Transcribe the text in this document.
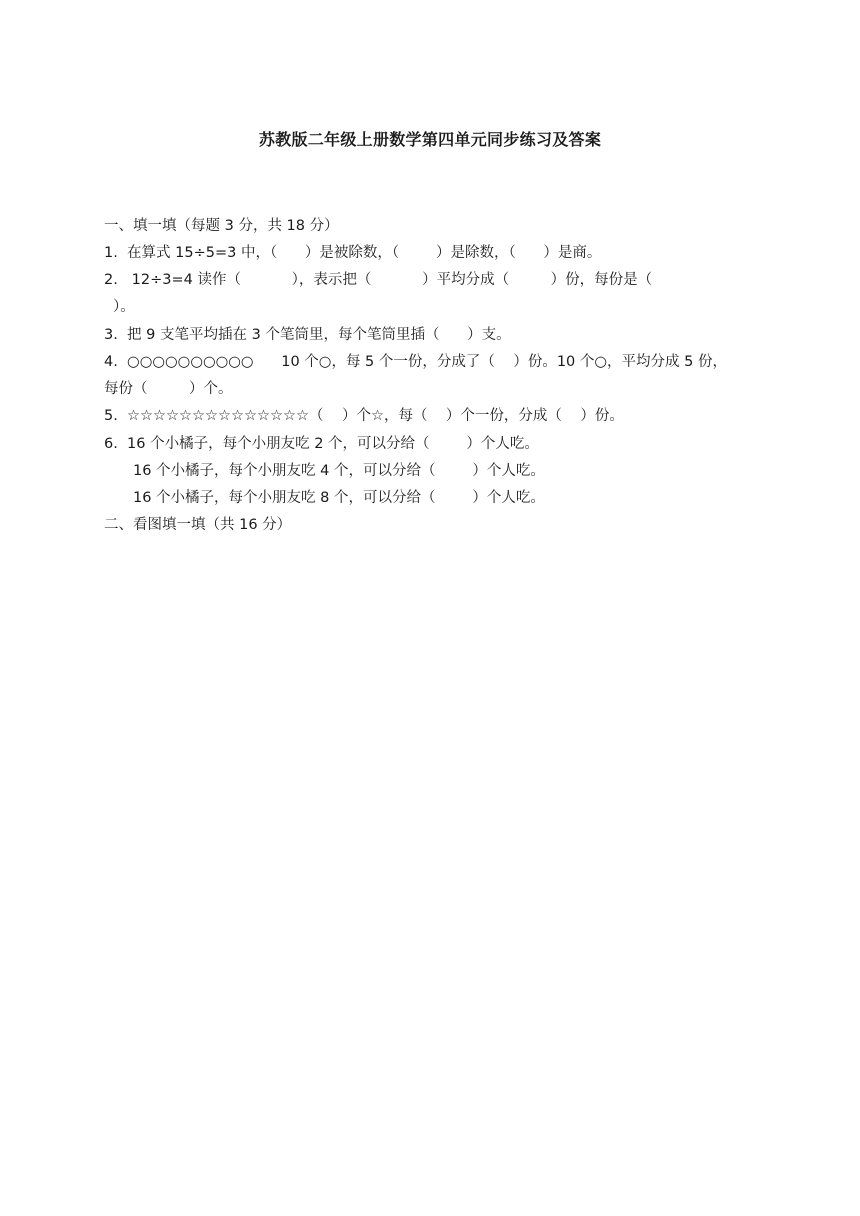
苏教版二年级上册数学第四单元同步练习及答案
一、填一填（每题 3 分，共 18 分）
1.  在算式 15÷5=3 中，（      ）是被除数，（        ）是除数，（      ）是商。
2.   12÷3=4 读作（           ），表示把（           ）平均分成（         ）份，每份是（
）。
3.  把 9 支笔平均插在 3 个笔筒里，每个笔筒里插（      ）支。
4.  ○○○○○○○○○○      10 个○，每 5 个一份，分成了（    ）份。10 个○，平均分成 5 份，
每份（         ）个。
5.  ☆☆☆☆☆☆☆☆☆☆☆☆☆☆（    ）个☆，每（    ）个一份，分成（    ）份。
6.  16 个小橘子，每个小朋友吃 2 个，可以分给（        ）个人吃。
16 个小橘子，每个小朋友吃 4 个，可以分给（        ）个人吃。
16 个小橘子，每个小朋友吃 8 个，可以分给（        ）个人吃。
二、看图填一填（共 16 分）
